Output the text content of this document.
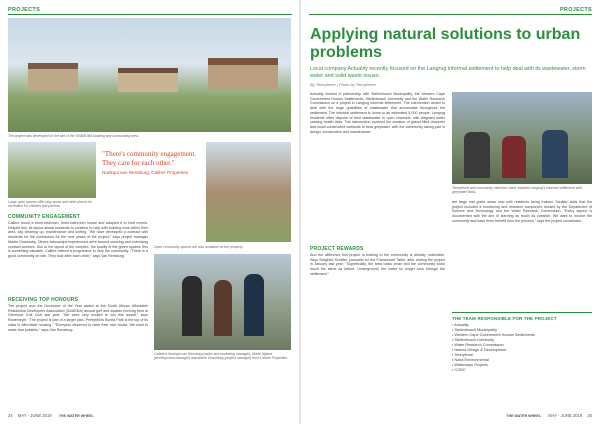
PROJECTS
The project was developed on the site of the SEAMOBA building and surrounding area.
Large open spaces offer play areas and other places for recreation for children and parents.
"There's community engagement. They care for each other."
Nonkqui van Rensburg, Calibre Properties
Open community spaces are also available on the property.
Calibre's Nonkqui van Rensburg (sales and marketing manager), Marlé Nijland (development manager) and Martin Grauhweg (project manager) from Calibre Properties.
COMMUNITY ENGAGEMENT
Calibre found a three-bedroom, three-bathroom house and adapted it to host events. Despite this, its layout allows residents to continue to help with building work within their area, say cleaning up, maintenance and sorting. "We have developed a contract with residents for the contractors for the next phase of the project," says project manager Martin Grauhweg. Others fellowships experienced were around sourcing and exercising contract workers. Due to the layout of the complex, the quality of the green spaces, this is something valuable. Calibre offered a programme to help the community. "There is a good community on site. They look after each other," says Van Rensburg.
RECEIVING TOP HONOURS
The project won the Developer of the Year award at the South African Affordable Residential Developers Association (SAARDA) annual golf and awards evening held at Glenhove Golf Club last year. "We were very excited to win this award," says Rademeyer. "The project is part of a larger plan. Prettyfield's Bonita Park is the top of its class in affordable housing." "Everyone deserves to have their own house. We want to make that possible," says Van Rensburg.
24 MAY - JUNE 2019 THE WATER WHEEL
PROJECTS
Applying natural solutions to urban problems
Local company Actuality recently focused on the Langrug informal settlement to help deal with its wastewater, storm water and solid waste issues.
By Tennyferne | Photo by Tennyferne
Actuality worked in partnership with Stellenbosch Municipality, the Western Cape Government Human Settlements, Stellenbosch University and the Water Research Commission on a project in Langrug informal settlement. The intervention aimed to deal with the large quantities of wastewater that accumulate throughout the settlement. The informal settlement is home to an estimated 5 000 people. Langrug residents often dispose of their wastewater in open channels, with stagnant water causing health risks. The intervention involved the creation of gravel-filled channels and small constructed wetlands to treat greywater, with the community taking part in design, construction and maintenance.
PROJECT REWARDS
And the difference this project is making to the community is already noticeable. Says Siegfried Schäfer, journalist for the Franschoek Tatler, after visiting the project in January last year: "Superficially, the area looks clean and the community looks much the same as before. Underground, the water no longer runs through the settlement."
Tennyferne and community members have installed Langrug's informal settlement with greywater flows.
are large mid grass areas now with residents being trained. Schäfer adds that the project included a monitoring and research component funded by the Department of Science and Technology and the Water Research Commission. "Every aspect is documented with the aim of learning as much as possible. We want to involve the community and have them benefit from the process," says the project coordinator.
THE TEAM RESPONSIBLE FOR THE PROJECT
• Actuality
• Stellenbosch Municipality
• Western Cape Government Human Settlements
• Stellenbosch University
• Water Research Commission
• Isidima Design & Development
• Tennyferne
• Nuba Environmental
• Waterways Projects
• CORC
THE WATER WHEEL MAY - JUNE 2019 25
